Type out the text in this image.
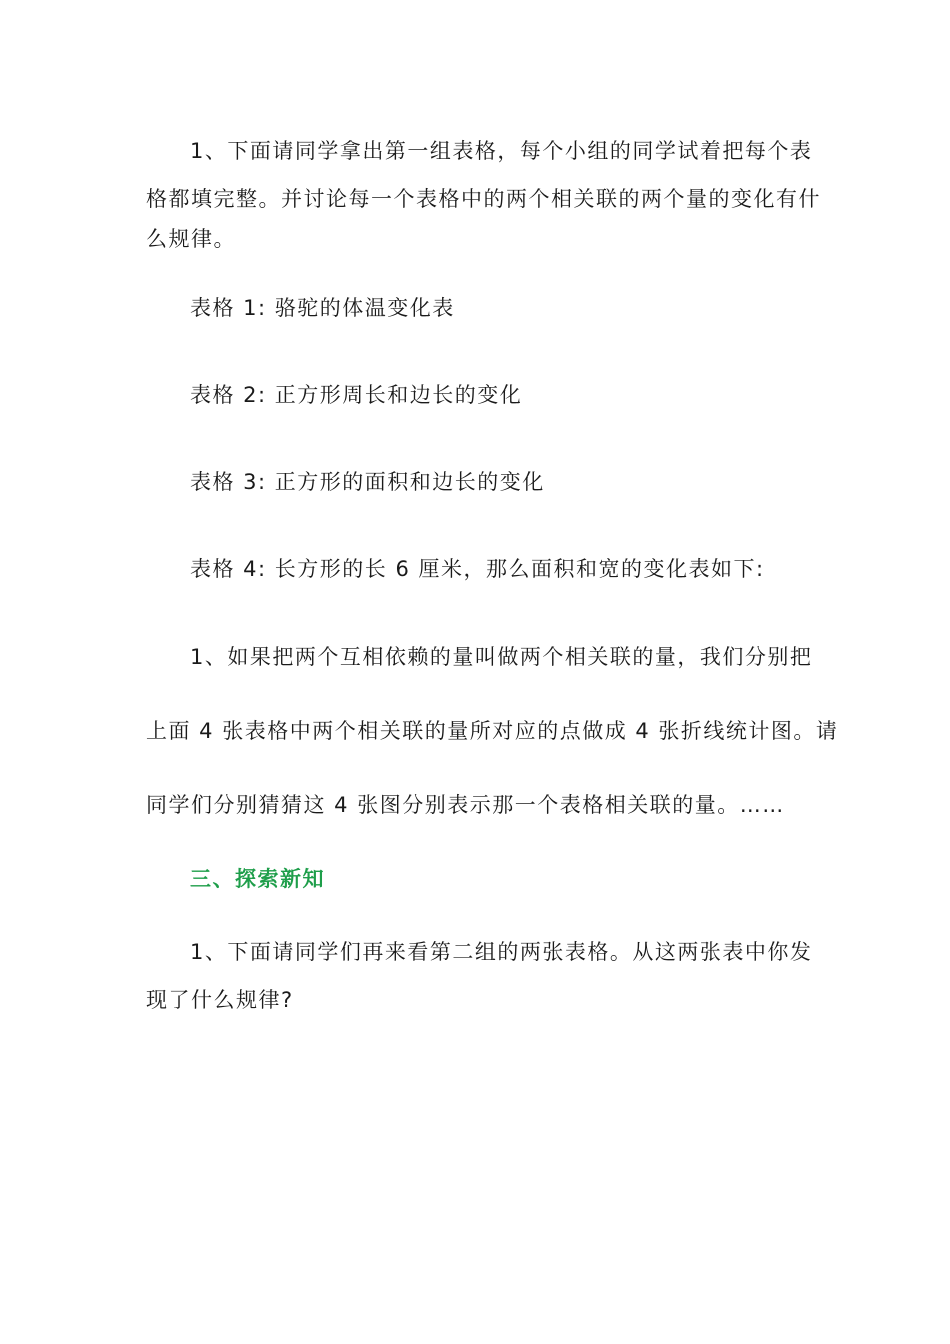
1、下面请同学拿出第一组表格，每个小组的同学试着把每个表
格都填完整。并讨论每一个表格中的两个相关联的两个量的变化有什
么规律。
表格 1: 骆驼的体温变化表
表格 2: 正方形周长和边长的变化
表格 3: 正方形的面积和边长的变化
表格 4: 长方形的长 6 厘米，那么面积和宽的变化表如下:
1、如果把两个互相依赖的量叫做两个相关联的量，我们分别把
上面 4 张表格中两个相关联的量所对应的点做成 4 张折线统计图。请
同学们分别猜猜这 4 张图分别表示那一个表格相关联的量。……
三、探索新知
1、下面请同学们再来看第二组的两张表格。从这两张表中你发
现了什么规律?
